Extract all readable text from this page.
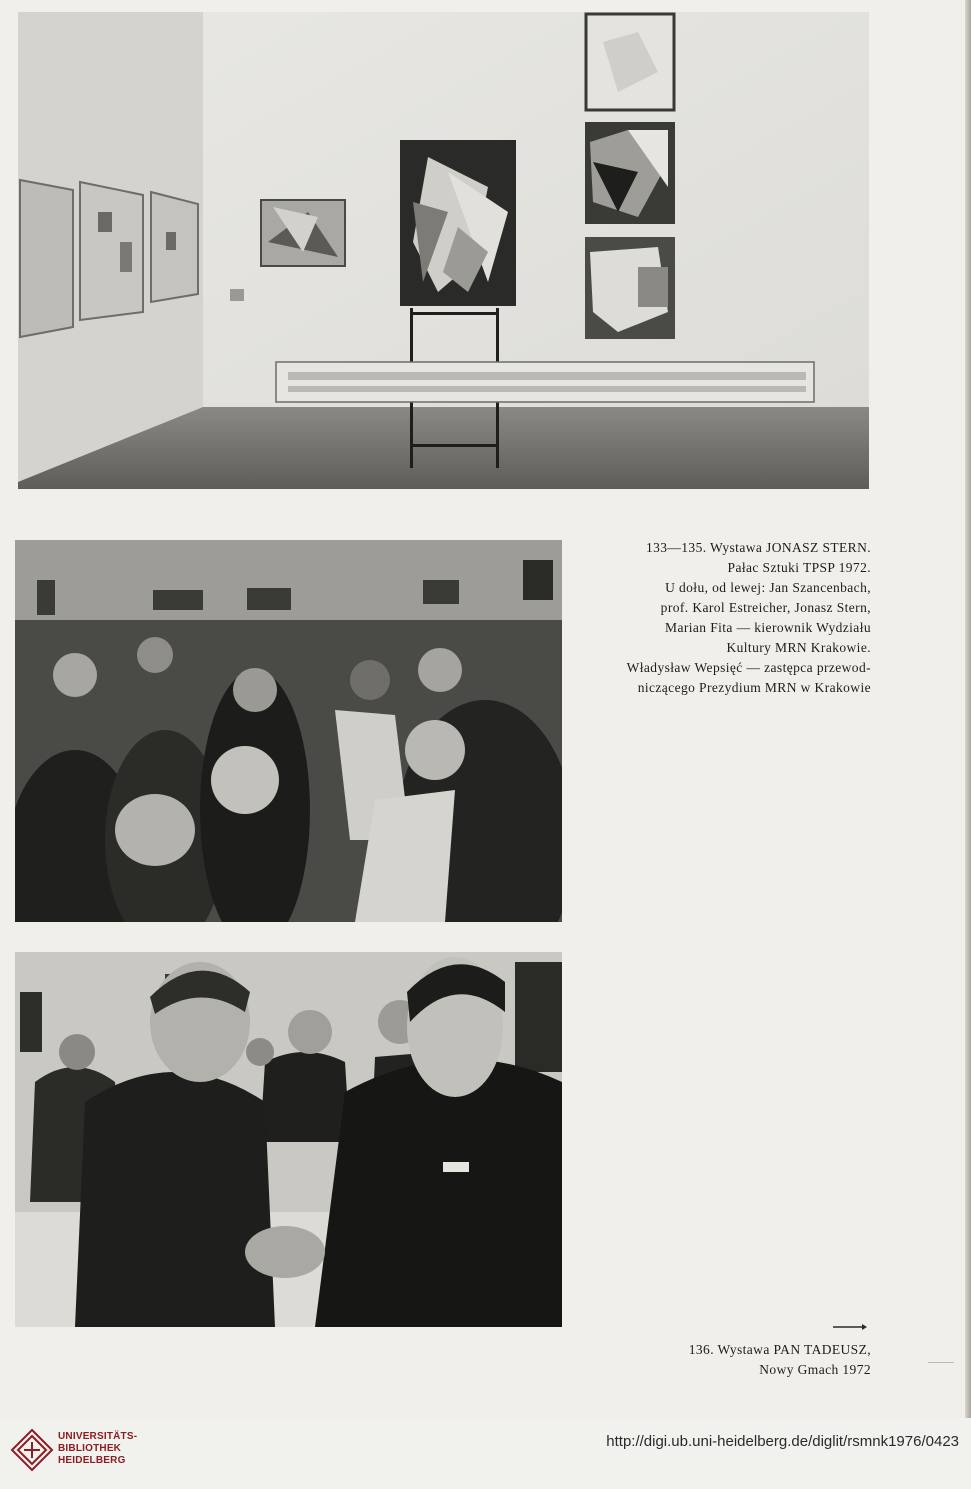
133—135. Wystawa JONASZ STERN.
Pałac Sztuki TPSP 1972.
U dołu, od lewej: Jan Szancenbach,
prof. Karol Estreicher, Jonasz Stern,
Marian Fita — kierownik Wydziału
Kultury MRN Krakowie.
Władysław Wepsięć — zastępca przewod-
niczącego Prezydium MRN w Krakowie
136. Wystawa PAN TADEUSZ,
Nowy Gmach 1972
UNIVERSITÄTS-
BIBLIOTHEK
HEIDELBERG
http://digi.ub.uni-heidelberg.de/diglit/rsmnk1976/0423
